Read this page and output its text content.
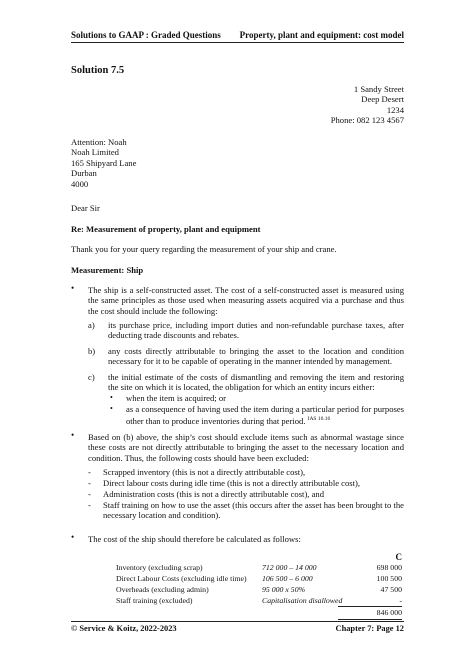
Solutions to GAAP : Graded Questions Property, plant and equipment: cost model
Solution 7.5
1 Sandy Street
Deep Desert
1234
Phone: 082 123 4567
Attention: Noah
Noah Limited
165 Shipyard Lane
Durban
4000
Dear Sir
Re: Measurement of property, plant and equipment
Thank you for your query regarding the measurement of your ship and crane.
Measurement: Ship
• The ship is a self-constructed asset. The cost of a self-constructed asset is measured using the same principles as those used when measuring assets acquired via a purchase and thus the cost should include the following:
a) its purchase price, including import duties and non-refundable purchase taxes, after deducting trade discounts and rebates.
b) any costs directly attributable to bringing the asset to the location and condition necessary for it to be capable of operating in the manner intended by management.
c) the initial estimate of the costs of dismantling and removing the item and restoring the site on which it is located, the obligation for which an entity incurs either:
• when the item is acquired; or
• as a consequence of having used the item during a particular period for purposes other than to produce inventories during that period. $^{IAS 16.16}$
• Based on (b) above, the ship’s cost should exclude items such as abnormal wastage since these costs are not directly attributable to bringing the asset to the necessary location and condition. Thus, the following costs should have been excluded:
- Scrapped inventory (this is not a directly attributable cost),
- Direct labour costs during idle time (this is not a directly attributable cost),
- Administration costs (this is not a directly attributable cost), and
- Staff training on how to use the asset (this occurs after the asset has been brought to the necessary location and condition).
• The cost of the ship should therefore be calculated as follows:
C
Inventory (excluding scrap)	712 000 – 14 000	698 000
Direct Labour Costs (excluding idle time) 106 500 – 6 000	100 500
Overheads (excluding admin)	95 000 x 50%	47 500
Staff training (excluded)	Capitalisation disallowed	-
846 000
© Service & Koitz, 2022-2023	Chapter 7: Page 12
